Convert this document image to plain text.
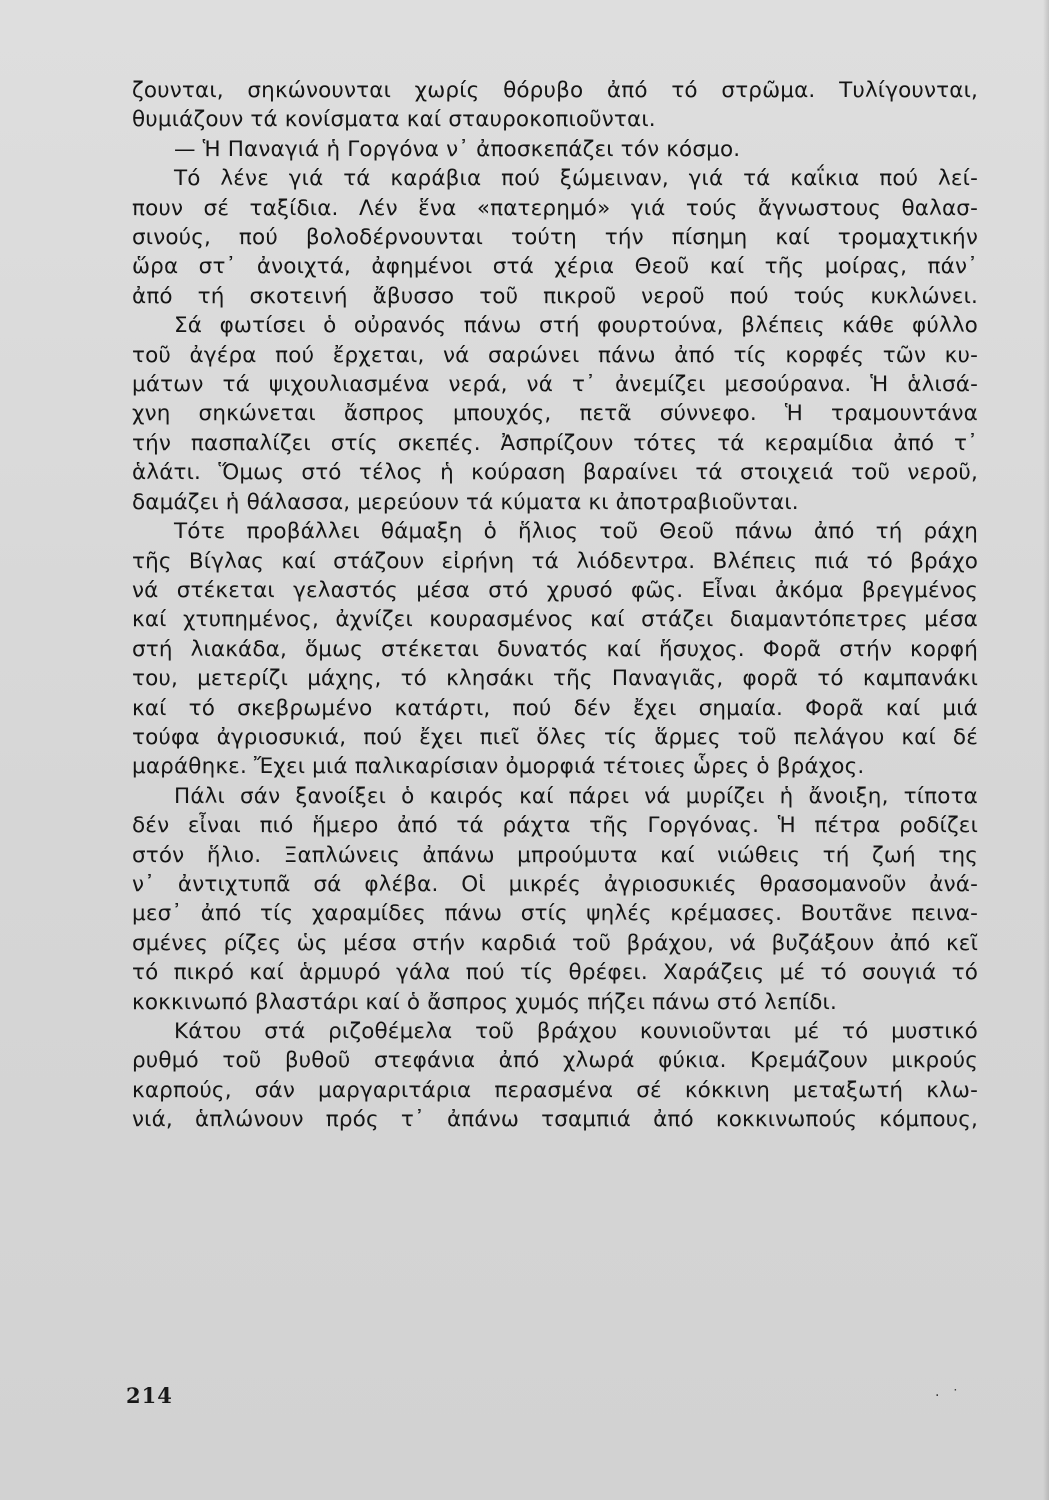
ζουνται, σηκώνουνται χωρίς θόρυβο ἀπό τό στρῶμα. Τυλίγουνται,
θυμιάζουν τά κονίσματα καί σταυροκοπιοῦνται.
— Ἡ Παναγιά ἡ Γοργόνα ν᾽ ἀποσκεπάζει τόν κόσμο.
Τό λένε γιά τά καράβια πού ξώμειναν, γιά τά καΐκια πού λεί-
πουν σέ ταξίδια. Λέν ἕνα «πατερημό» γιά τούς ἄγνωστους θαλασ-
σινούς, πού βολοδέρνουνται τούτη τήν πίσημη καί τρομαχτικήν
ὥρα στ᾽ ἀνοιχτά, ἀφημένοι στά χέρια Θεοῦ καί τῆς μοίρας, πάν᾽
ἀπό τή σκοτεινή ἄβυσσο τοῦ πικροῦ νεροῦ πού τούς κυκλώνει.
Σά φωτίσει ὁ οὐρανός πάνω στή φουρτούνα, βλέπεις κάθε φύλλο
τοῦ ἀγέρα πού ἔρχεται, νά σαρώνει πάνω ἀπό τίς κορφές τῶν κυ-
μάτων τά ψιχουλιασμένα νερά, νά τ᾽ ἀνεμίζει μεσούρανα. Ἡ ἁλισά-
χνη σηκώνεται ἄσπρος μπουχός, πετᾶ σύννεφο. Ἡ τραμουντάνα
τήν πασπαλίζει στίς σκεπές. Ἀσπρίζουν τότες τά κεραμίδια ἀπό τ᾽
ἁλάτι. Ὅμως στό τέλος ἡ κούραση βαραίνει τά στοιχειά τοῦ νεροῦ,
δαμάζει ἡ θάλασσα, μερεύουν τά κύματα κι ἀποτραβιοῦνται.
Τότε προβάλλει θάμαξη ὁ ἥλιος τοῦ Θεοῦ πάνω ἀπό τή ράχη
τῆς Βίγλας καί στάζουν εἰρήνη τά λιόδεντρα. Βλέπεις πιά τό βράχο
νά στέκεται γελαστός μέσα στό χρυσό φῶς. Εἶναι ἀκόμα βρεγμένος
καί χτυπημένος, ἀχνίζει κουρασμένος καί στάζει διαμαντόπετρες μέσα
στή λιακάδα, ὅμως στέκεται δυνατός καί ἥσυχος. Φορᾶ στήν κορφή
του, μετερίζι μάχης, τό κλησάκι τῆς Παναγιᾶς, φορᾶ τό καμπανάκι
καί τό σκεβρωμένο κατάρτι, πού δέν ἔχει σημαία. Φορᾶ καί μιά
τούφα ἀγριοσυκιά, πού ἔχει πιεῖ ὅλες τίς ἅρμες τοῦ πελάγου καί δέ
μαράθηκε. Ἔχει μιά παλικαρίσιαν ὀμορφιά τέτοιες ὧρες ὁ βράχος.
Πάλι σάν ξανοίξει ὁ καιρός καί πάρει νά μυρίζει ἡ ἄνοιξη, τίποτα
δέν εἶναι πιό ἥμερο ἀπό τά ράχτα τῆς Γοργόνας. Ἡ πέτρα ροδίζει
στόν ἥλιο. Ξαπλώνεις ἀπάνω μπρούμυτα καί νιώθεις τή ζωή της
ν᾽ ἀντιχτυπᾶ σά φλέβα. Οἱ μικρές ἀγριοσυκιές θρασομανοῦν ἀνά-
μεσ᾽ ἀπό τίς χαραμίδες πάνω στίς ψηλές κρέμασες. Βουτᾶνε πεινα-
σμένες ρίζες ὡς μέσα στήν καρδιά τοῦ βράχου, νά βυζάξουν ἀπό κεῖ
τό πικρό καί ἁρμυρό γάλα πού τίς θρέφει. Χαράζεις μέ τό σουγιά τό
κοκκινωπό βλαστάρι καί ὁ ἄσπρος χυμός πήζει πάνω στό λεπίδι.
Κάτου στά ριζοθέμελα τοῦ βράχου κουνιοῦνται μέ τό μυστικό
ρυθμό τοῦ βυθοῦ στεφάνια ἀπό χλωρά φύκια. Κρεμάζουν μικρούς
καρπούς, σάν μαργαριτάρια περασμένα σέ κόκκινη μεταξωτή κλω-
νιά, ἁπλώνουν πρός τ᾽ ἀπάνω τσαμπιά ἀπό κοκκινωπούς κόμπους,
214	· ˙
